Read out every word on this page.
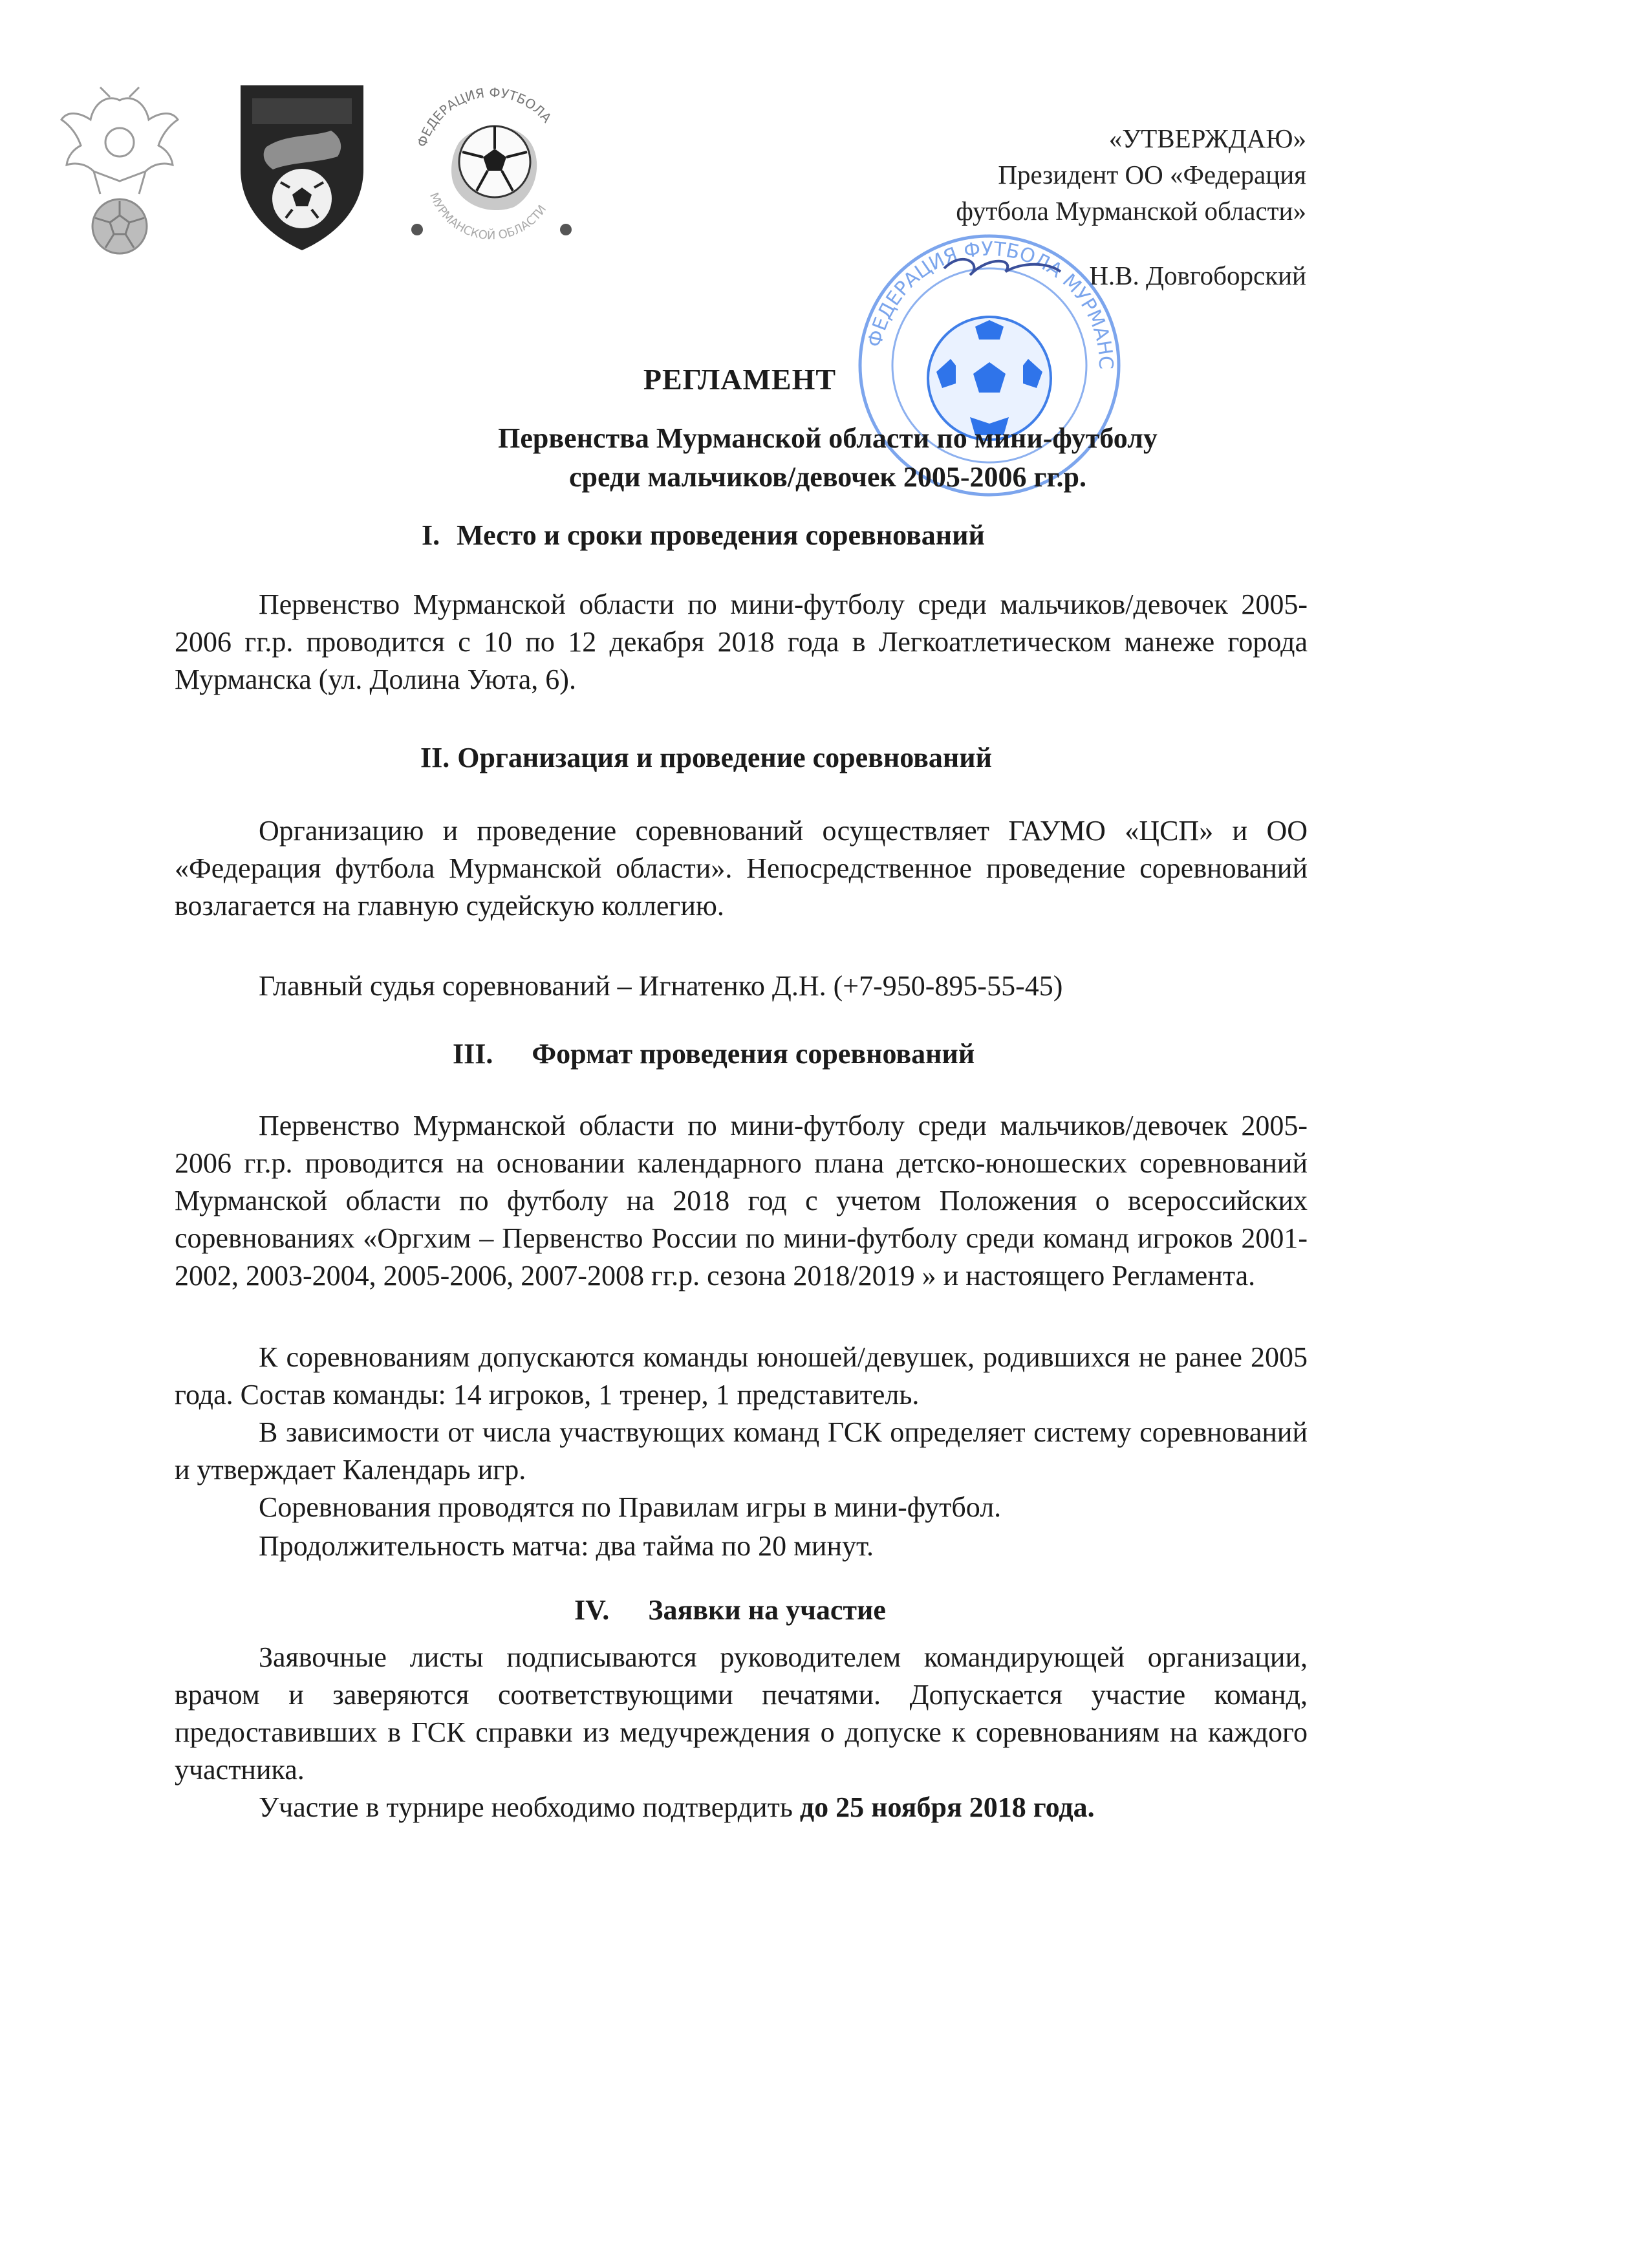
ФЕДЕРАЦИЯ ФУТБОЛА
МУРМАНСКОЙ ОБЛАСТИ
«УТВЕРЖДАЮ»
Президент ОО «Федерация
футбола Мурманской области»
Н.В. Довгоборский
ФЕДЕРАЦИЯ ФУТБОЛА МУРМАНС
РЕГЛАМЕНТ
Первенства Мурманской области по мини-футболу
среди мальчиков/девочек 2005-2006 гг.р.
I. Место и сроки проведения соревнований
Первенство Мурманской области по мини-футболу среди мальчиков/девочек 2005-2006 гг.р. проводится с 10 по 12 декабря 2018 года в Легкоатлетическом манеже города Мурманска (ул. Долина Уюта, 6).
II. Организация и проведение соревнований
Организацию и проведение соревнований осуществляет ГАУМО «ЦСП» и ОО «Федерация футбола Мурманской области». Непосредственное проведение соревнований возлагается на главную судейскую коллегию.
Главный судья соревнований – Игнатенко Д.Н. (+7-950-895-55-45)
III. Формат проведения соревнований
Первенство Мурманской области по мини-футболу среди мальчиков/девочек 2005-2006 гг.р. проводится на основании календарного плана детско-юношеских соревнований Мурманской области по футболу на 2018 год с учетом Положения о всероссийских соревнованиях «Оргхим – Первенство России по мини-футболу среди команд игроков 2001-2002, 2003-2004, 2005-2006, 2007-2008 гг.р. сезона 2018/2019 » и настоящего Регламента.
К соревнованиям допускаются команды юношей/девушек, родившихся не ранее 2005 года. Состав команды: 14 игроков, 1 тренер, 1 представитель.
В зависимости от числа участвующих команд ГСК определяет систему соревнований и утверждает Календарь игр.
Соревнования проводятся по Правилам игры в мини-футбол.
Продолжительность матча: два тайма по 20 минут.
IV. Заявки на участие
Заявочные листы подписываются руководителем командирующей организации, врачом и заверяются соответствующими печатями. Допускается участие команд, предоставивших в ГСК справки из медучреждения о допуске к соревнованиям на каждого участника.
Участие в турнире необходимо подтвердить до 25 ноября 2018 года.
